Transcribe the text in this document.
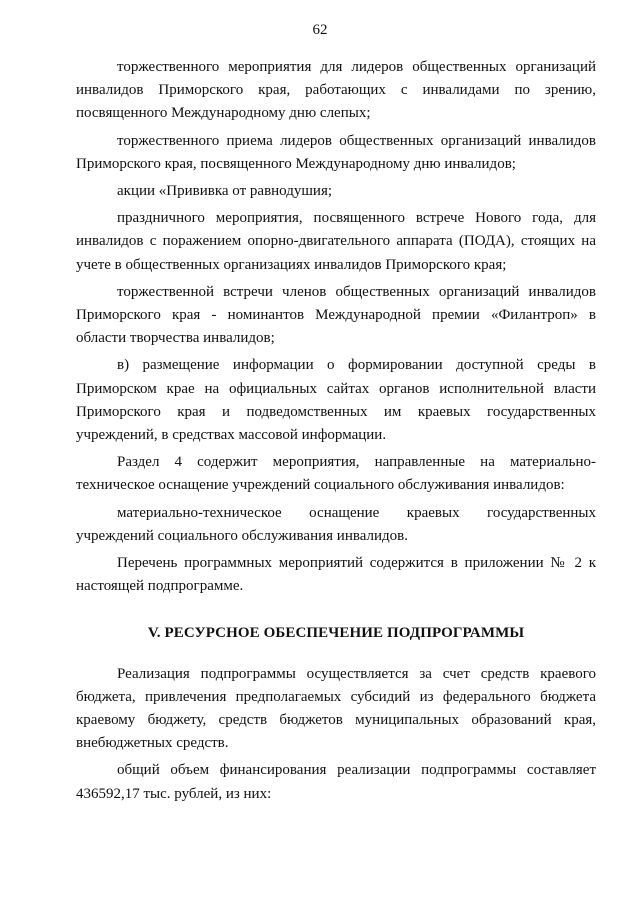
62

торжественного мероприятия для лидеров общественных организаций инвалидов Приморского края, работающих с инвалидами по зрению, посвященного Международному дню слепых;

торжественного приема лидеров общественных организаций инвалидов Приморского края, посвященного Международному дню инвалидов;

акции «Прививка от равнодушия;

праздничного мероприятия, посвященного встрече Нового года, для инвалидов с поражением опорно-двигательного аппарата (ПОДА), стоящих на учете в общественных организациях инвалидов Приморского края;

торжественной встречи членов общественных организаций инвалидов Приморского края - номинантов Международной премии «Филантроп» в области творчества инвалидов;

в) размещение информации о формировании доступной среды в Приморском крае на официальных сайтах органов исполнительной власти Приморского края и подведомственных им краевых государственных учреждений, в средствах массовой информации.

Раздел 4 содержит мероприятия, направленные на материально-техническое оснащение учреждений социального обслуживания инвалидов:

материально-техническое оснащение краевых государственных учреждений социального обслуживания инвалидов.

Перечень программных мероприятий содержится в приложении № 2 к настоящей подпрограмме.

V. РЕСУРСНОЕ ОБЕСПЕЧЕНИЕ ПОДПРОГРАММЫ

Реализация подпрограммы осуществляется за счет средств краевого бюджета, привлечения предполагаемых субсидий из федерального бюджета краевому бюджету, средств бюджетов муниципальных образований края, внебюджетных средств.

общий объем финансирования реализации подпрограммы составляет 436592,17 тыс. рублей, из них:
